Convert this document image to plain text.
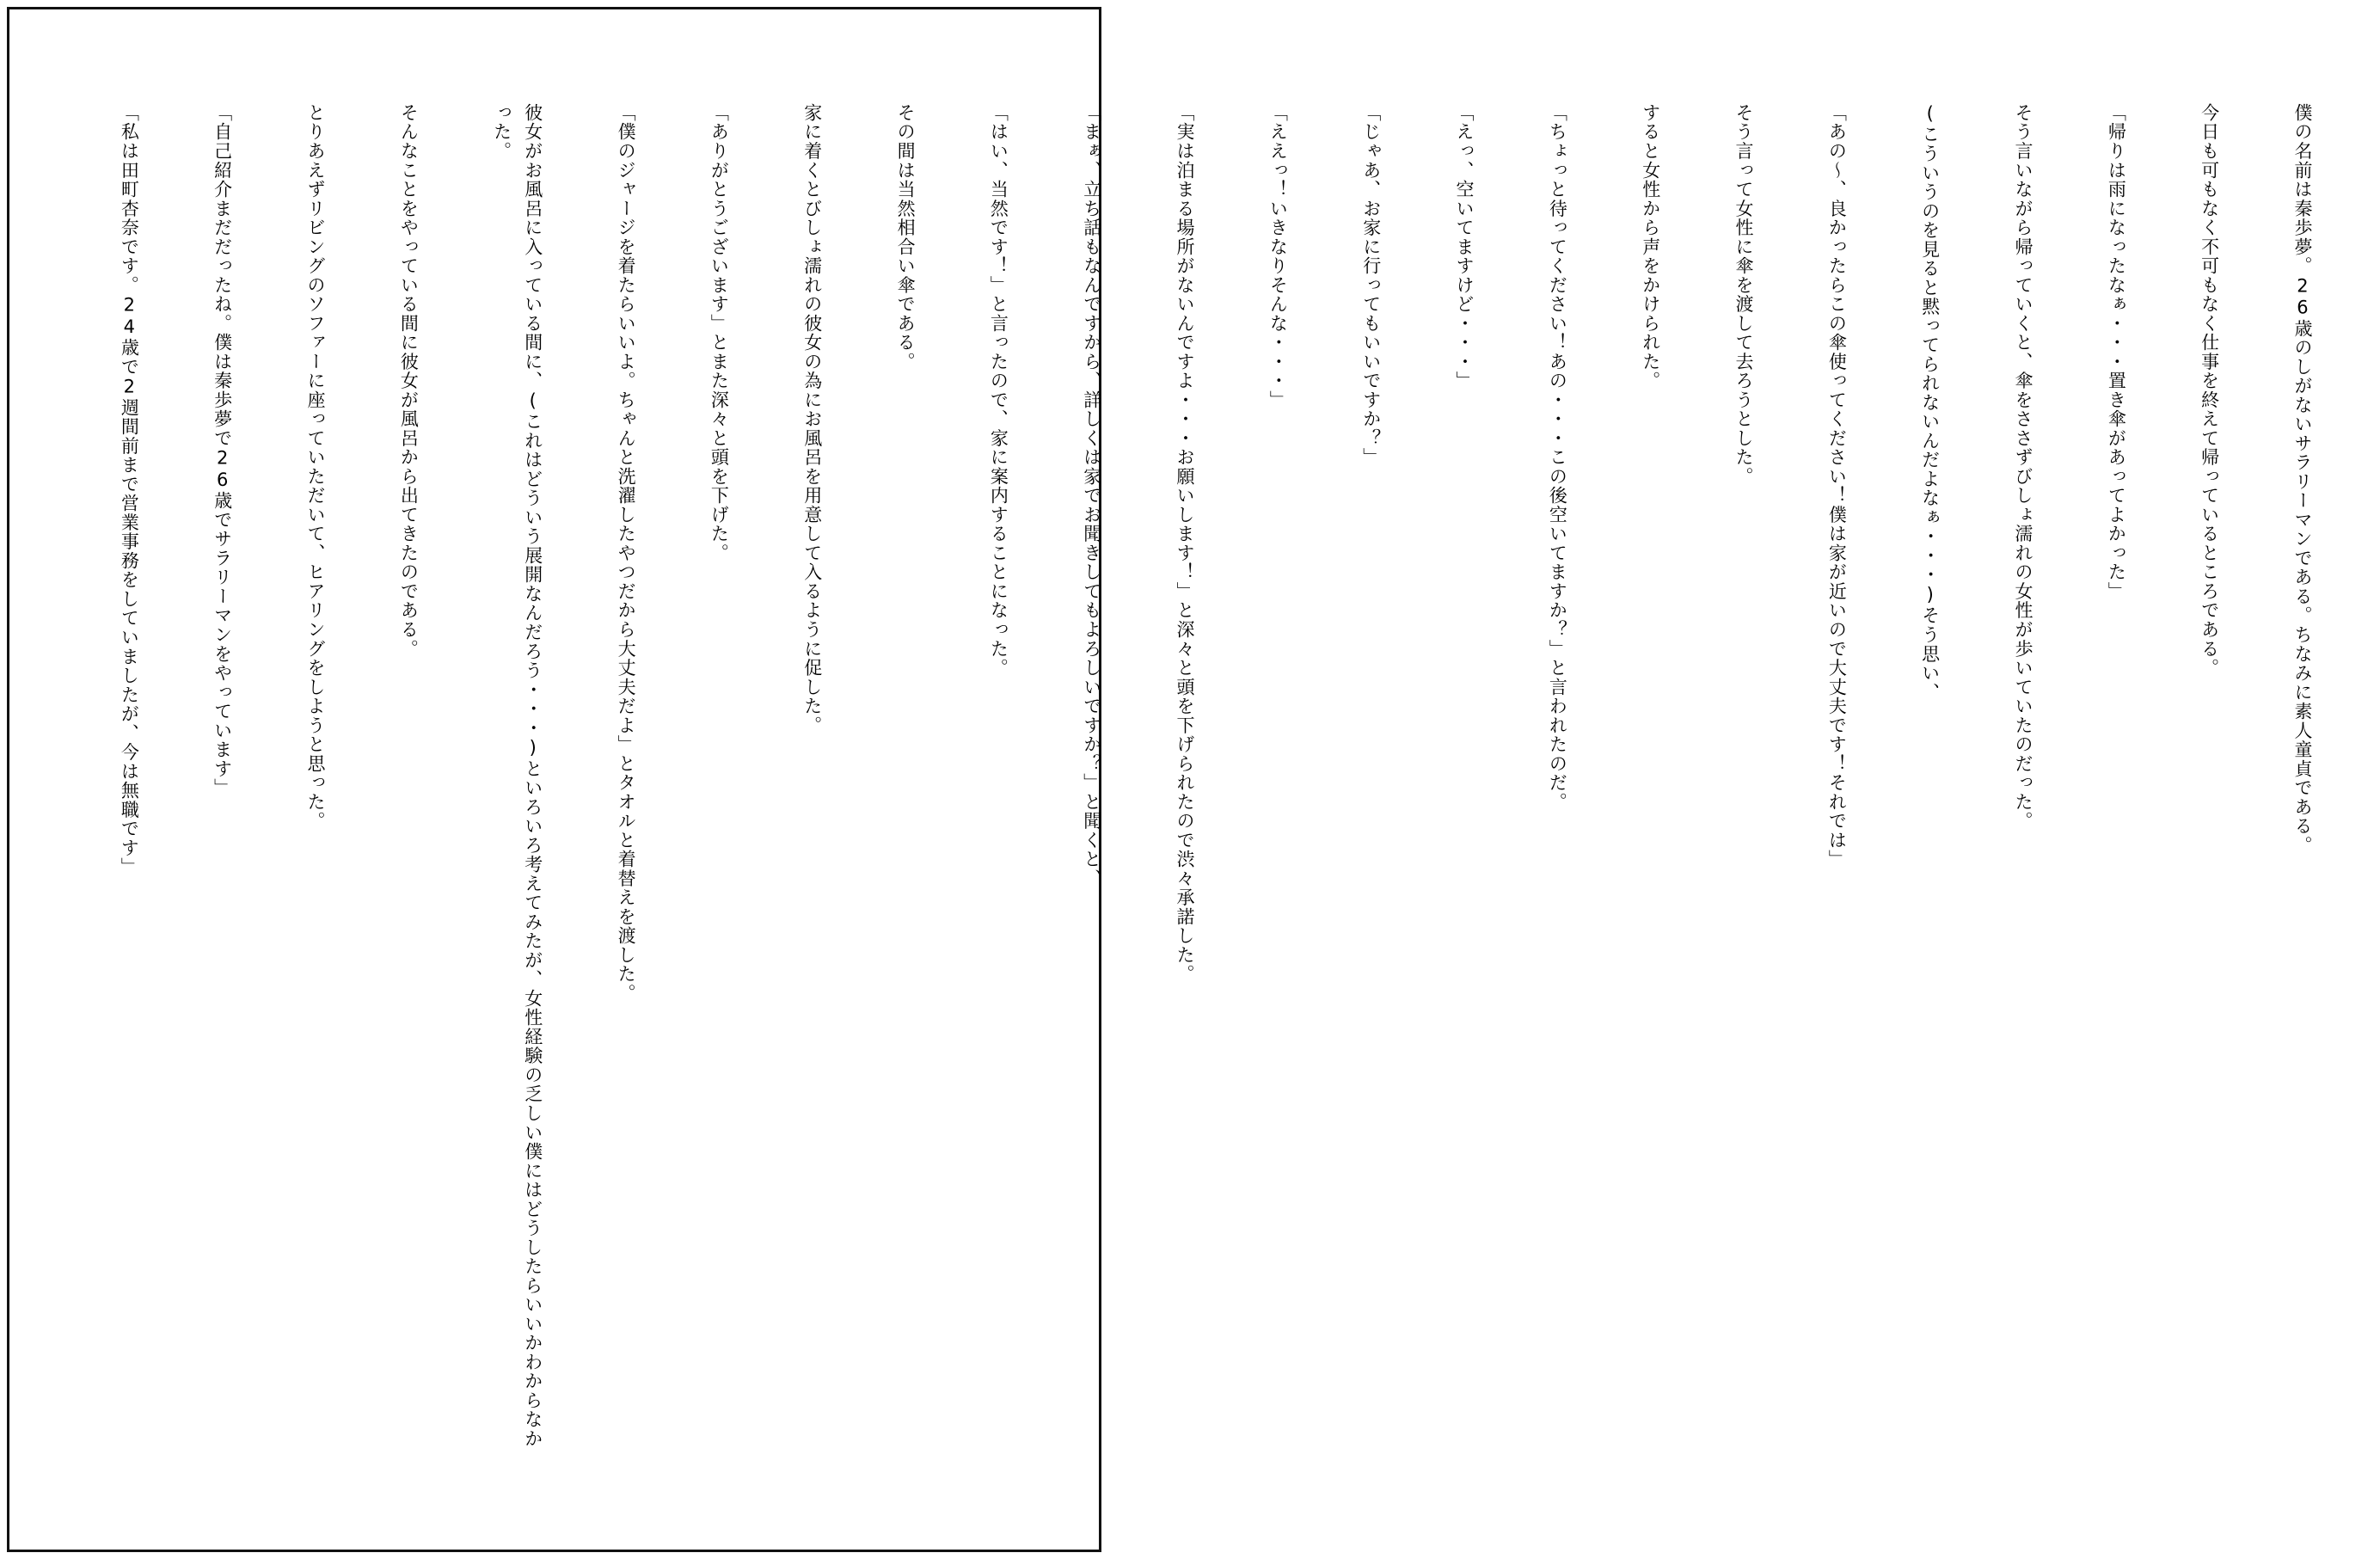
僕の名前は秦歩夢。26歳のしがないサラリーマンである。ちなみに素人童貞である。

今日も可もなく不可もなく仕事を終えて帰っているところである。

「帰りは雨になったなぁ・・・置き傘があってよかった」

そう言いながら帰っていくと、傘をささずびしょ濡れの女性が歩いていたのだった。

(こういうのを見ると黙ってられないんだよなぁ・・・)そう思い、

「あの～、良かったらこの傘使ってください！僕は家が近いので大丈夫です！それでは」

そう言って女性に傘を渡して去ろうとした。

すると女性から声をかけられた。

「ちょっと待ってください！あの・・・この後空いてますか？」と言われたのだ。

「えっ、空いてますけど・・・」

「じゃあ、お家に行ってもいいですか？」

「ええっ！いきなりそんな・・・」

「実は泊まる場所がないんですよ・・・お願いします！」と深々と頭を下げられたので渋々承諾した。

「まぁ、立ち話もなんですから、詳しくは家でお聞きしてもよろしいですか？」と聞くと、

「はい、当然です！」と言ったので、家に案内することになった。

その間は当然相合い傘である。

家に着くとびしょ濡れの彼女の為にお風呂を用意して入るように促した。

「ありがとうございます」とまた深々と頭を下げた。

「僕のジャージを着たらいいよ。ちゃんと洗濯したやつだから大丈夫だよ」とタオルと着替えを渡した。

彼女がお風呂に入っている間に、(これはどういう展開なんだろう・・・)といろいろ考えてみたが、女性経験の乏しい僕にはどうしたらいいかわからなかった。

そんなことをやっている間に彼女が風呂から出てきたのである。

とりあえずリビングのソファーに座っていただいて、ヒアリングをしようと思った。

「自己紹介まだだったね。僕は秦歩夢で26歳でサラリーマンをやっています」

「私は田町杏奈です。24歳で2週間前まで営業事務をしていましたが、今は無職です」
